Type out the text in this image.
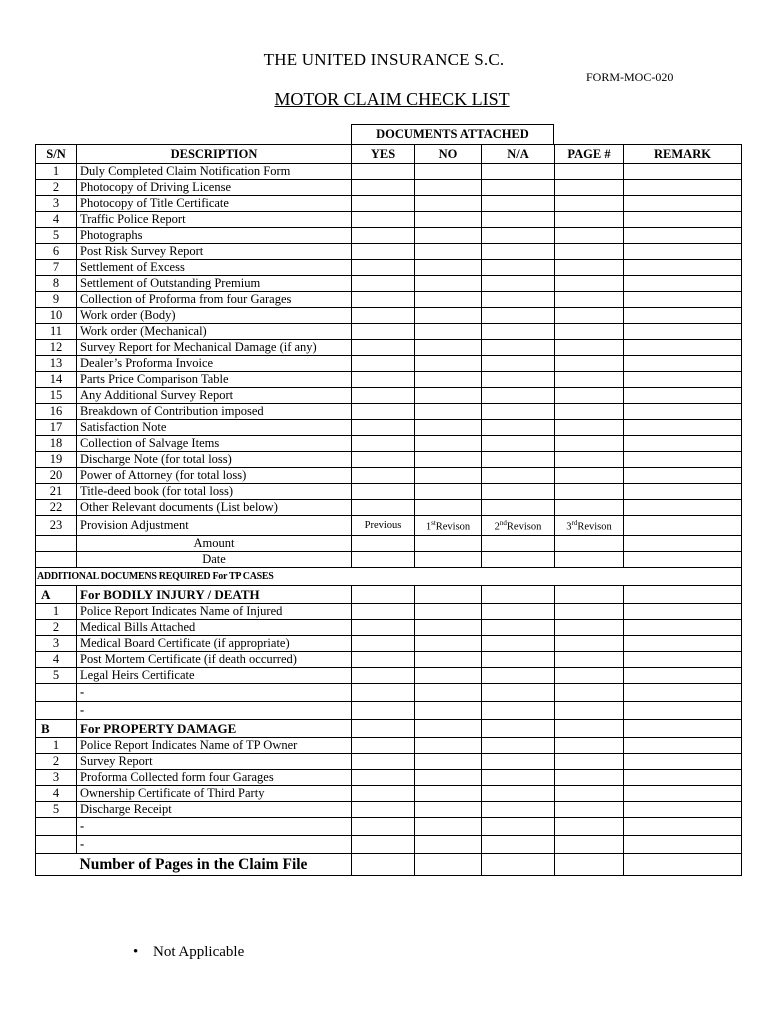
THE UNITED INSURANCE S.C.
FORM-MOC-020
MOTOR CLAIM CHECK LIST
DOCUMENTS ATTACHED
S/N	DESCRIPTION	YES	NO	N/A	PAGE #	REMARK
1	Duly Completed Claim Notification Form					
2	Photocopy of Driving License					
3	Photocopy of Title Certificate					
4	Traffic Police Report					
5	Photographs					
6	Post Risk Survey Report					
7	Settlement of Excess					
8	Settlement of Outstanding Premium					
9	Collection of Proforma from four Garages					
10	Work order (Body)					
11	Work order (Mechanical)					
12	Survey Report for Mechanical Damage (if any)					
13	Dealer’s Proforma Invoice					
14	Parts Price Comparison Table					
15	Any Additional Survey Report					
16	Breakdown of Contribution imposed					
17	Satisfaction Note					
18	Collection of Salvage Items					
19	Discharge Note (for total loss)					
20	Power of Attorney (for total loss)					
21	Title-deed book (for total loss)					
22	Other Relevant documents (List below)					
23	Provision Adjustment	Previous	1stRevison	2ndRevison	3rdRevison	
	Amount					
	Date					
ADDITIONAL DOCUMENS REQUIRED For TP CASES						
A	For BODILY INJURY / DEATH					
1	Police Report Indicates Name of Injured					
2	Medical Bills Attached					
3	Medical Board Certificate (if appropriate)					
4	Post Mortem Certificate (if death occurred)					
5	Legal Heirs Certificate					
	-					
	-					
B	For PROPERTY DAMAGE					
1	Police Report Indicates Name of TP Owner					
2	Survey Report					
3	Proforma Collected form four Garages					
4	Ownership Certificate of Third Party					
5	Discharge Receipt					
	-					
	-					
Number of Pages in the Claim File						
• Not Applicable
